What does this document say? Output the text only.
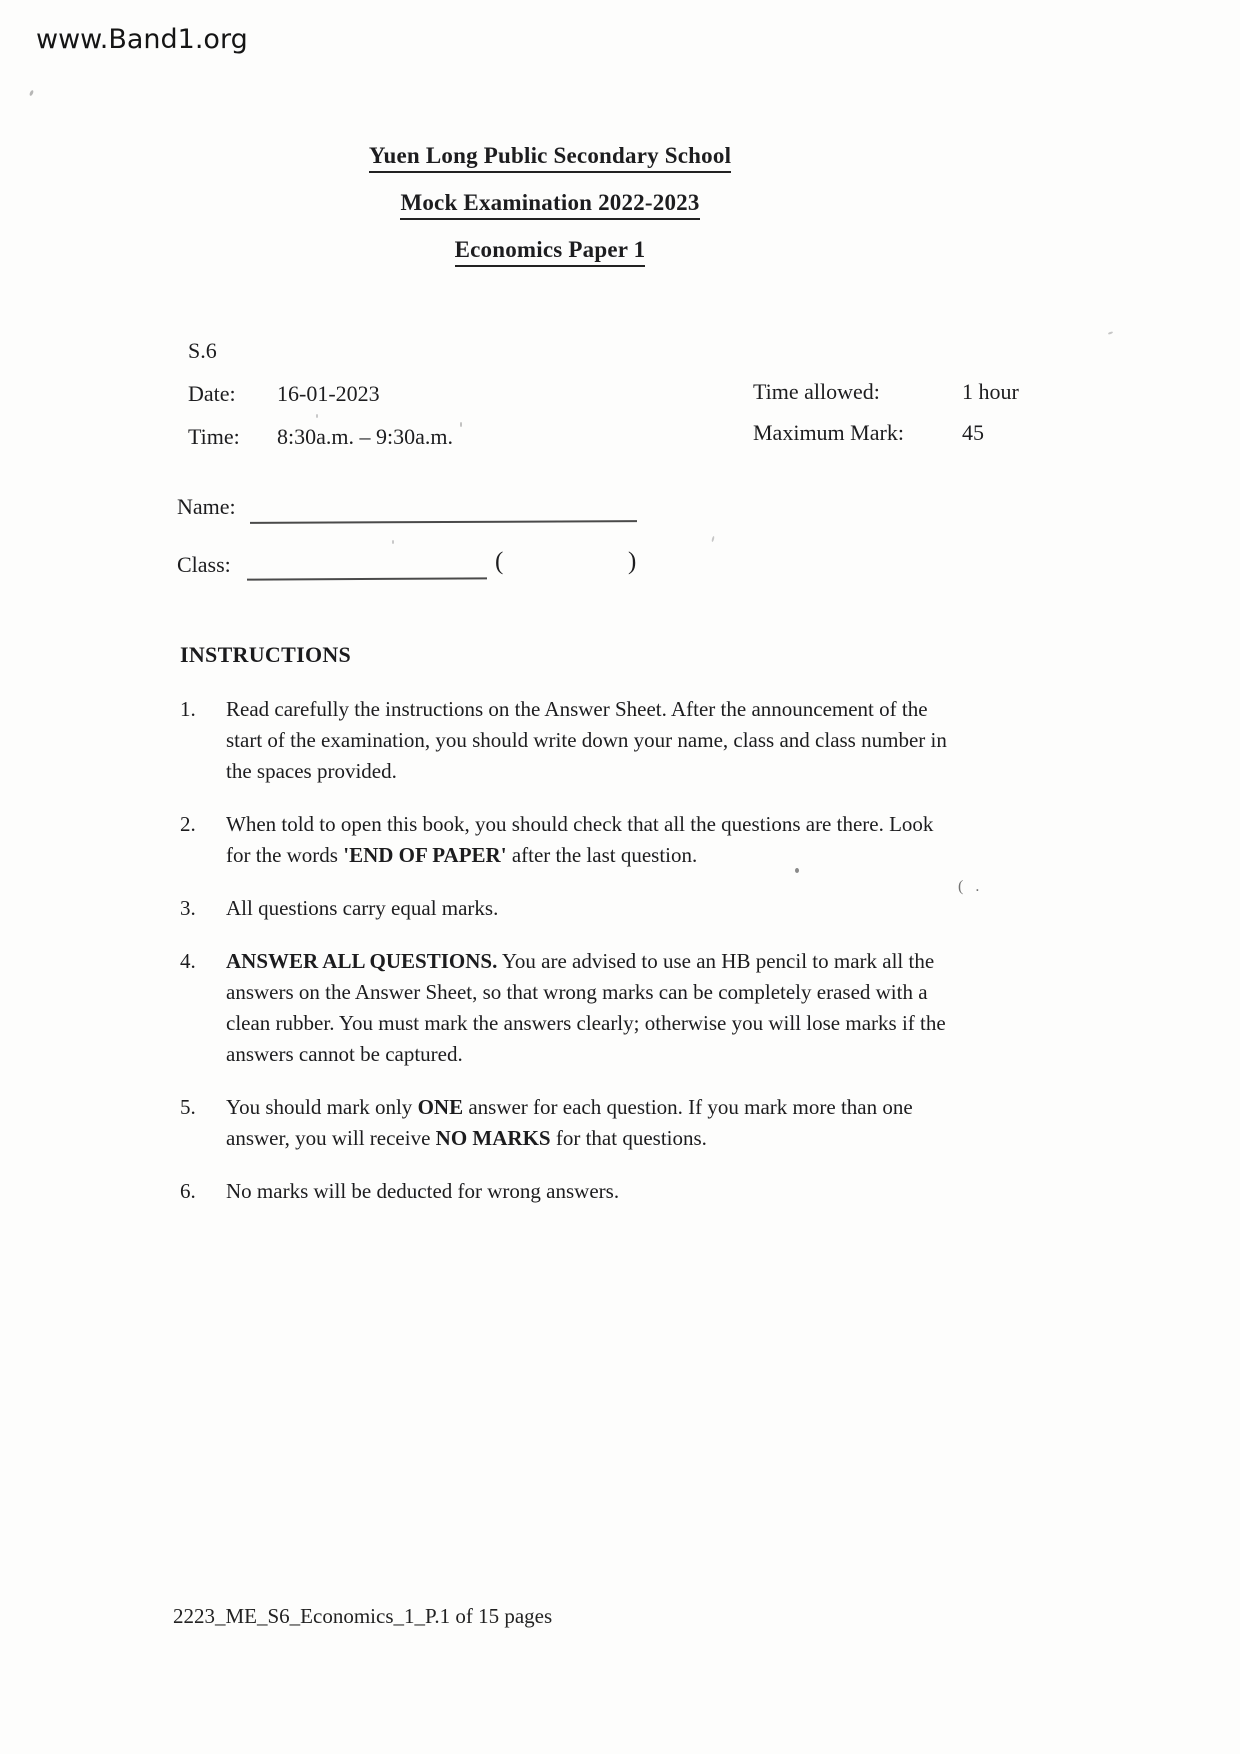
www.Band1.org
Yuen Long Public Secondary School
Mock Examination 2022-2023
Economics Paper 1
S.6
Date: 16-01-2023
Time: 8:30a.m. – 9:30a.m.
Time allowed:	1 hour
Maximum Mark:	45
Name:
Class:	(	)
INSTRUCTIONS
1.	Read carefully the instructions on the Answer Sheet. After the announcement of the start of the examination, you should write down your name, class and class number in the spaces provided.
2.	When told to open this book, you should check that all the questions are there. Look for the words 'END OF PAPER' after the last question.
3.	All questions carry equal marks.
4.	ANSWER ALL QUESTIONS. You are advised to use an HB pencil to mark all the answers on the Answer Sheet, so that wrong marks can be completely erased with a clean rubber. You must mark the answers clearly; otherwise you will lose marks if the answers cannot be captured.
5.	You should mark only ONE answer for each question. If you mark more than one answer, you will receive NO MARKS for that questions.
6.	No marks will be deducted for wrong answers.
2223_ME_S6_Economics_1_P.1 of 15 pages
( .
